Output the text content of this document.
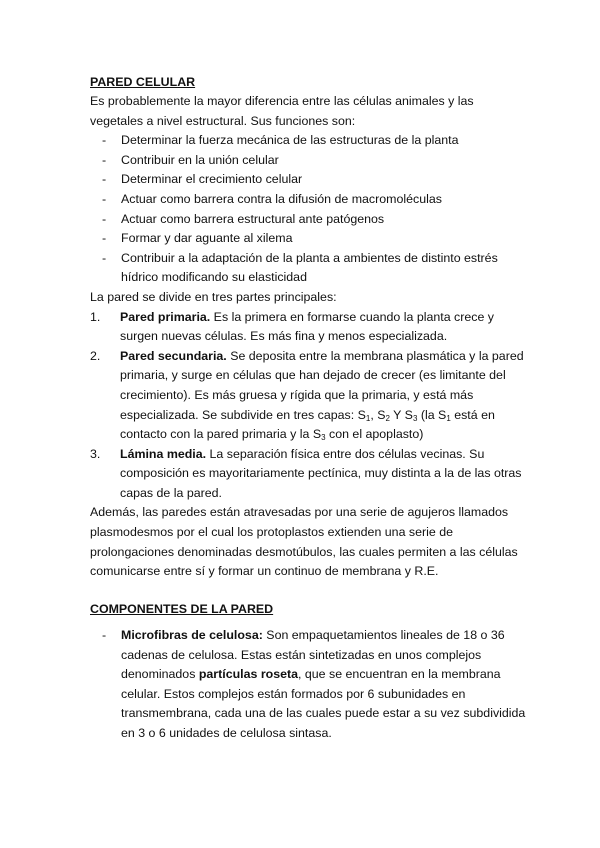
PARED CELULAR
Es probablemente la mayor diferencia entre las células animales y las vegetales a nivel estructural. Sus funciones son:
- Determinar la fuerza mecánica de las estructuras de la planta
- Contribuir en la unión celular
- Determinar el crecimiento celular
- Actuar como barrera contra la difusión de macromoléculas
- Actuar como barrera estructural ante patógenos
- Formar y dar aguante al xilema
- Contribuir a la adaptación de la planta a ambientes de distinto estrés hídrico modificando su elasticidad
La pared se divide en tres partes principales:
1. Pared primaria. Es la primera en formarse cuando la planta crece y surgen nuevas células. Es más fina y menos especializada.
2. Pared secundaria. Se deposita entre la membrana plasmática y la pared primaria, y surge en células que han dejado de crecer (es limitante del crecimiento). Es más gruesa y rígida que la primaria, y está más especializada. Se subdivide en tres capas: $S_1$, $S_2$ Y $S_3$ (la $S_1$ está en contacto con la pared primaria y la $S_3$ con el apoplasto)
3. Lámina media. La separación física entre dos células vecinas. Su composición es mayoritariamente pectínica, muy distinta a la de las otras capas de la pared.
Además, las paredes están atravesadas por una serie de agujeros llamados plasmodesmos por el cual los protoplastos extienden una serie de prolongaciones denominadas desmotúbulos, las cuales permiten a las células comunicarse entre sí y formar un continuo de membrana y R.E.
COMPONENTES DE LA PARED
- Microfibras de celulosa: Son empaquetamientos lineales de 18 o 36 cadenas de celulosa. Estas están sintetizadas en unos complejos denominados partículas roseta, que se encuentran en la membrana celular. Estos complejos están formados por 6 subunidades en transmembrana, cada una de las cuales puede estar a su vez subdividida en 3 o 6 unidades de celulosa sintasa.
